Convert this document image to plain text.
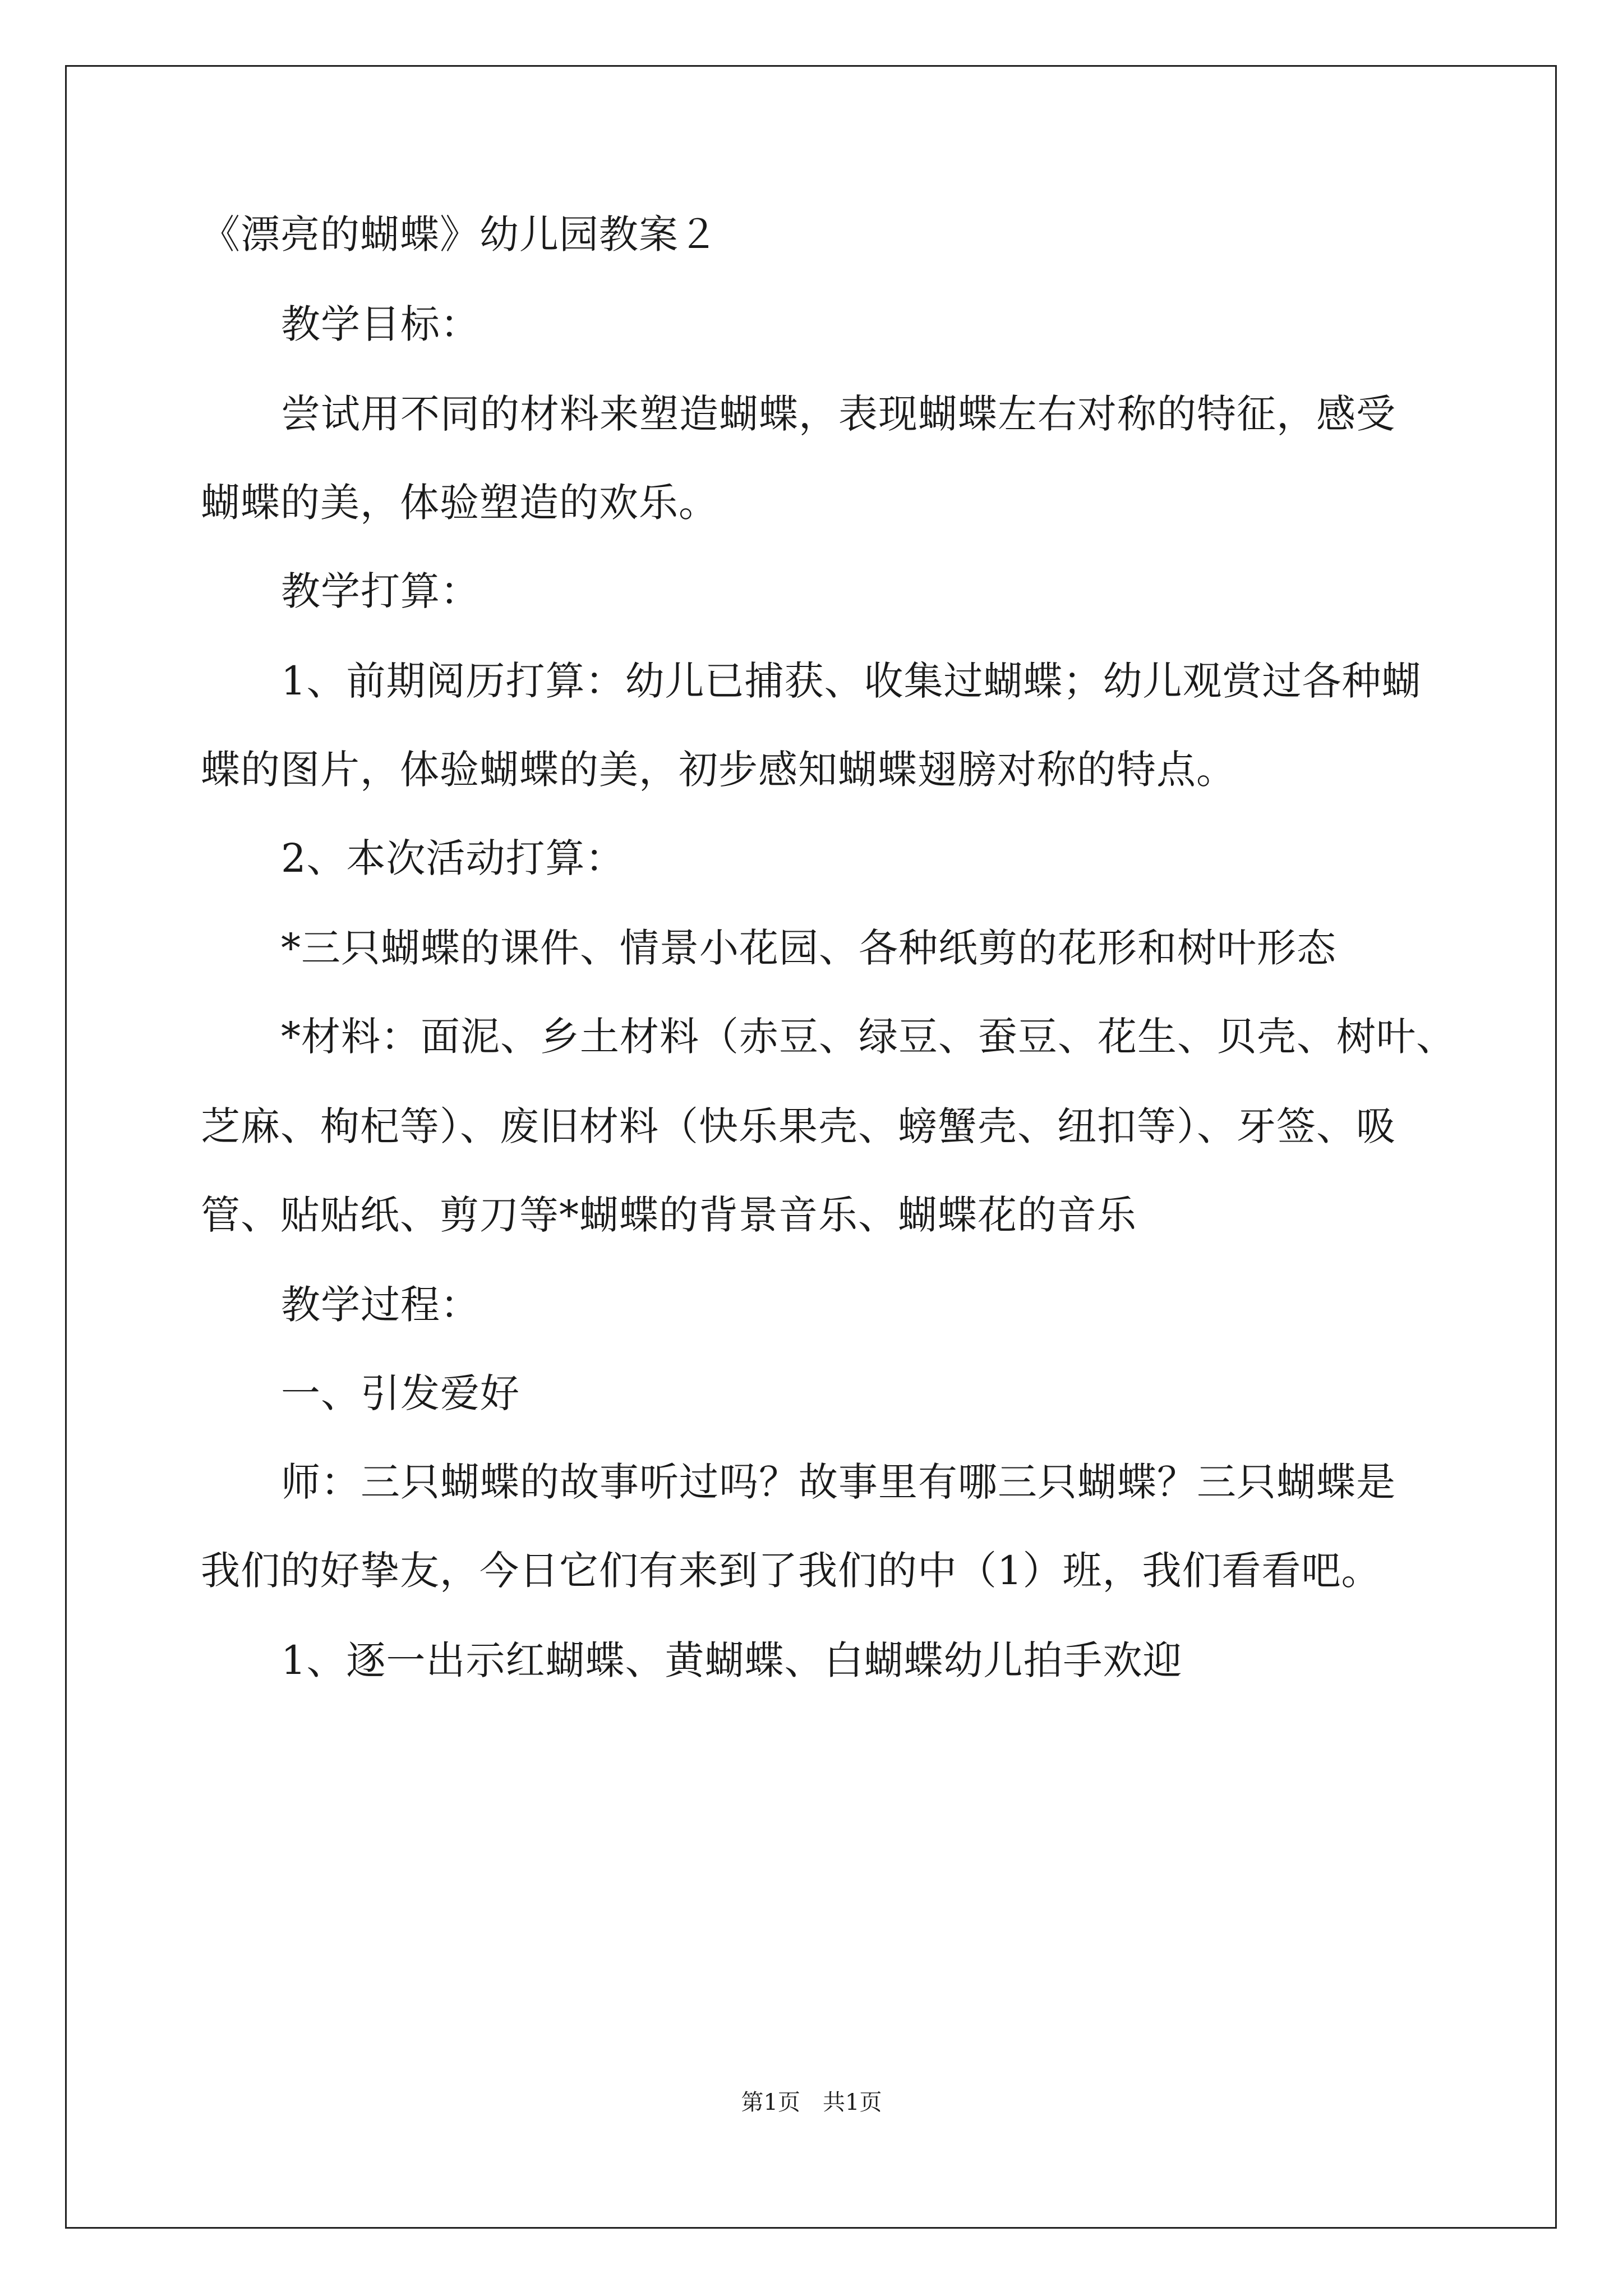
《漂亮的蝴蝶》幼儿园教案２
教学目标：
尝试用不同的材料来塑造蝴蝶，表现蝴蝶左右对称的特征，感受
蝴蝶的美，体验塑造的欢乐。
教学打算：
1、前期阅历打算：幼儿已捕获、收集过蝴蝶；幼儿观赏过各种蝴
蝶的图片，体验蝴蝶的美，初步感知蝴蝶翅膀对称的特点。
2、本次活动打算：
*三只蝴蝶的课件、情景小花园、各种纸剪的花形和树叶形态
*材料：面泥、乡土材料（赤豆、绿豆、蚕豆、花生、贝壳、树叶、
芝麻、枸杞等）、废旧材料（快乐果壳、螃蟹壳、纽扣等）、牙签、吸
管、贴贴纸、剪刀等*蝴蝶的背景音乐、蝴蝶花的音乐
教学过程：
一、引发爱好
师：三只蝴蝶的故事听过吗？故事里有哪三只蝴蝶？三只蝴蝶是
我们的好挚友，今日它们有来到了我们的中（1）班，我们看看吧。
1、逐一出示红蝴蝶、黄蝴蝶、白蝴蝶幼儿拍手欢迎
第1页　共1页
